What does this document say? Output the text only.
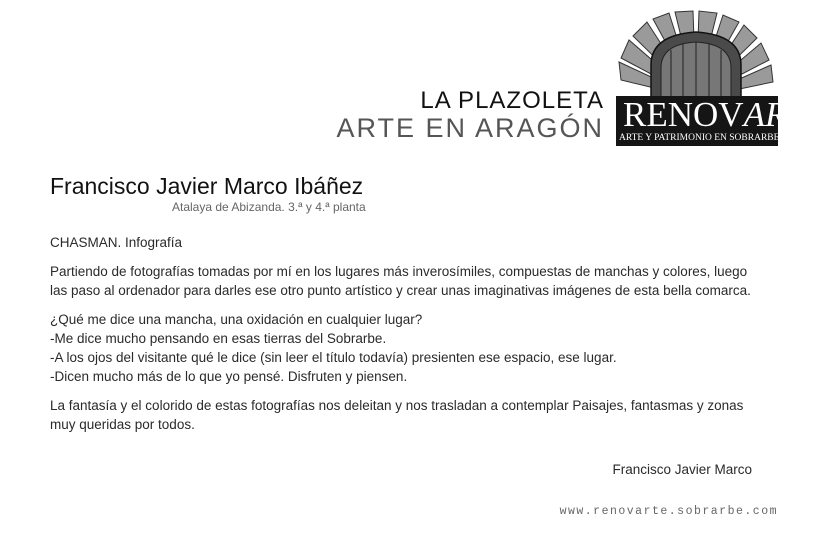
LA PLAZOLETA
ARTE EN ARAGÓN RENOVARTE
ARTE Y PATRIMONIO EN SOBRARBE
Francisco Javier Marco Ibáñez
Atalaya de Abizanda. 3.ª y 4.ª planta

CHASMAN. Infografía

Partiendo de fotografías tomadas por mí en los lugares más inverosímiles, compuestas de manchas y colores, luego las paso al ordenador para darles ese otro punto artístico y crear unas imaginativas imágenes de esta bella comarca.

¿Qué me dice una mancha, una oxidación en cualquier lugar?
-Me dice mucho pensando en esas tierras del Sobrarbe.
-A los ojos del visitante qué le dice (sin leer el título todavía) presienten ese espacio, ese lugar.
-Dicen mucho más de lo que yo pensé. Disfruten y piensen.

La fantasía y el colorido de estas fotografías nos deleitan y nos trasladan a contemplar Paisajes, fantasmas y zonas muy queridas por todos.

Francisco Javier Marco
www.renovarte.sobrarbe.com
